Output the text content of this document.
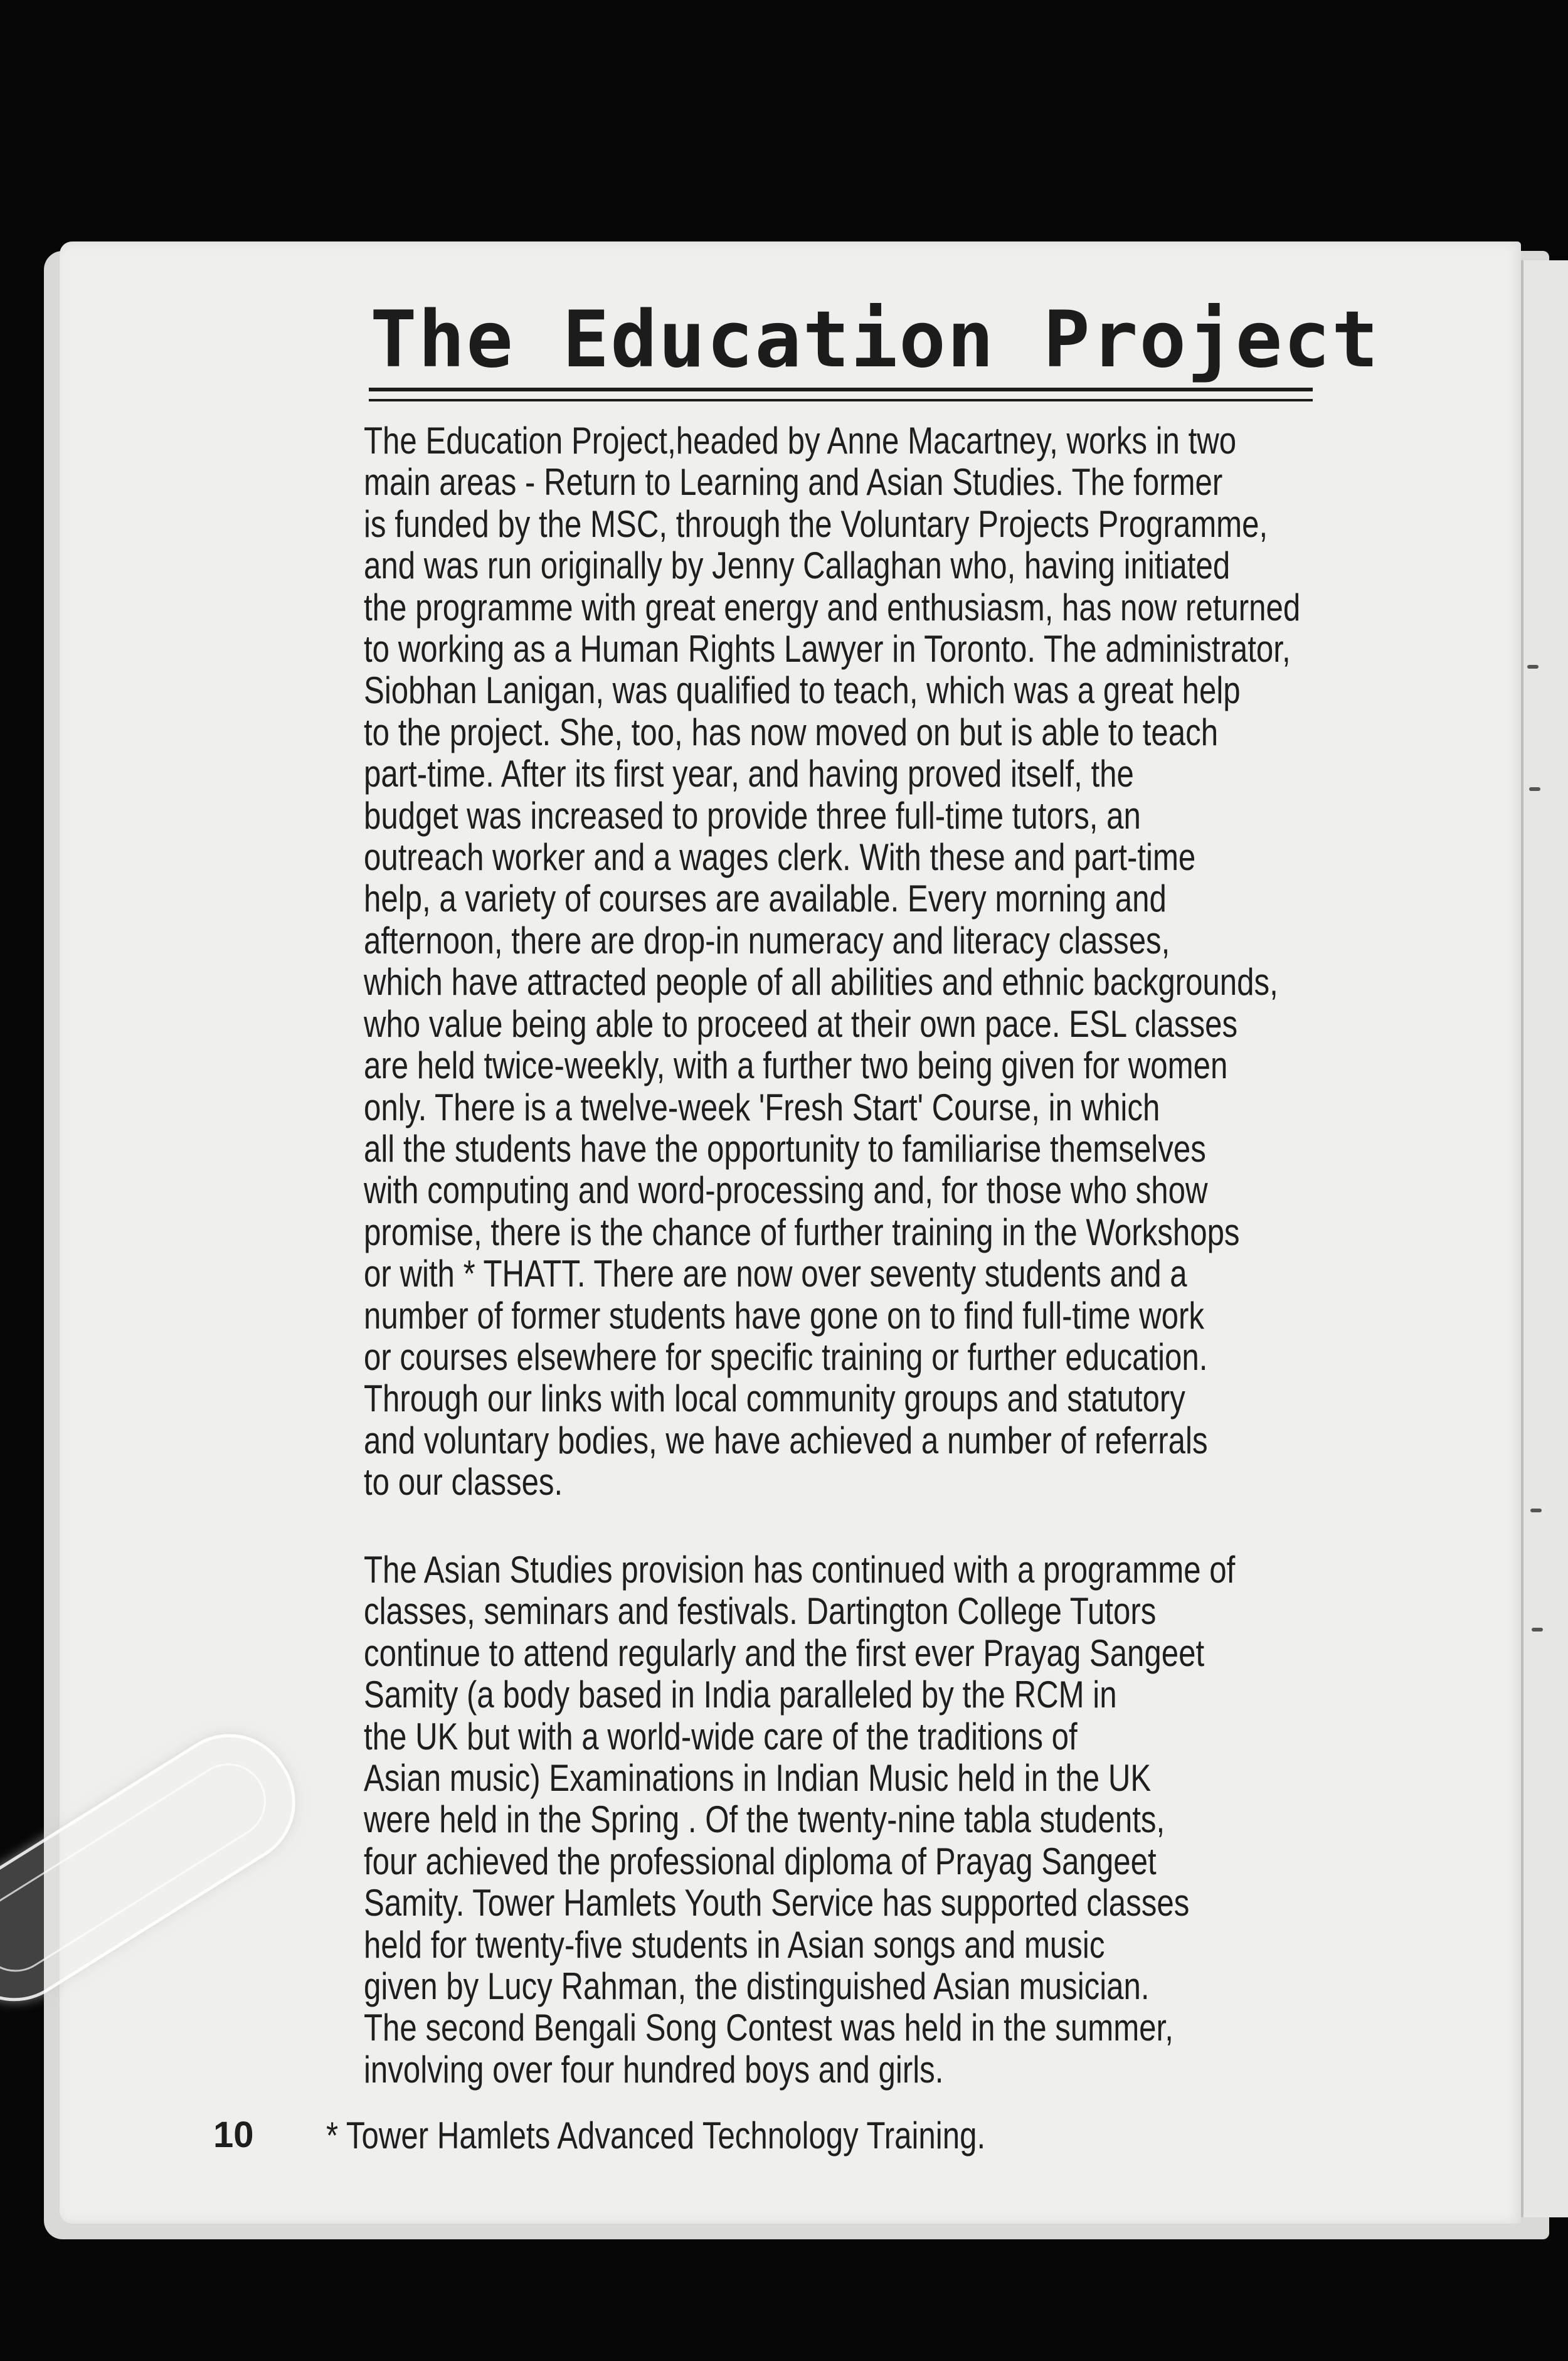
The Education Project
The Education Project,headed by Anne Macartney, works in two
main areas - Return to Learning and Asian Studies. The former
is funded by the MSC, through the Voluntary Projects Programme,
and was run originally by Jenny Callaghan who, having initiated
the programme with great energy and enthusiasm, has now returned
to working as a Human Rights Lawyer in Toronto. The administrator,
Siobhan Lanigan, was qualified to teach, which was a great help
to the project. She, too, has now moved on but is able to teach
part-time. After its first year, and having proved itself, the
budget was increased to provide three full-time tutors, an
outreach worker and a wages clerk. With these and part-time
help, a variety of courses are available. Every morning and
afternoon, there are drop-in numeracy and literacy classes,
which have attracted people of all abilities and ethnic backgrounds,
who value being able to proceed at their own pace. ESL classes
are held twice-weekly, with a further two being given for women
only. There is a twelve-week 'Fresh Start' Course, in which
all the students have the opportunity to familiarise themselves
with computing and word-processing and, for those who show
promise, there is the chance of further training in the Workshops
or with * THATT. There are now over seventy students and a
number of former students have gone on to find full-time work
or courses elsewhere for specific training or further education.
Through our links with local community groups and statutory
and voluntary bodies, we have achieved a number of referrals
to our classes.
The Asian Studies provision has continued with a programme of
classes, seminars and festivals. Dartington College Tutors
continue to attend regularly and the first ever Prayag Sangeet
Samity (a body based in India paralleled by the RCM in
the UK but with a world-wide care of the traditions of
Asian music) Examinations in Indian Music held in the UK
were held in the Spring . Of the twenty-nine tabla students,
four achieved the professional diploma of Prayag Sangeet
Samity. Tower Hamlets Youth Service has supported classes
held for twenty-five students in Asian songs and music
given by Lucy Rahman, the distinguished Asian musician.
The second Bengali Song Contest was held in the summer,
involving over four hundred boys and girls.
10 * Tower Hamlets Advanced Technology Training.
